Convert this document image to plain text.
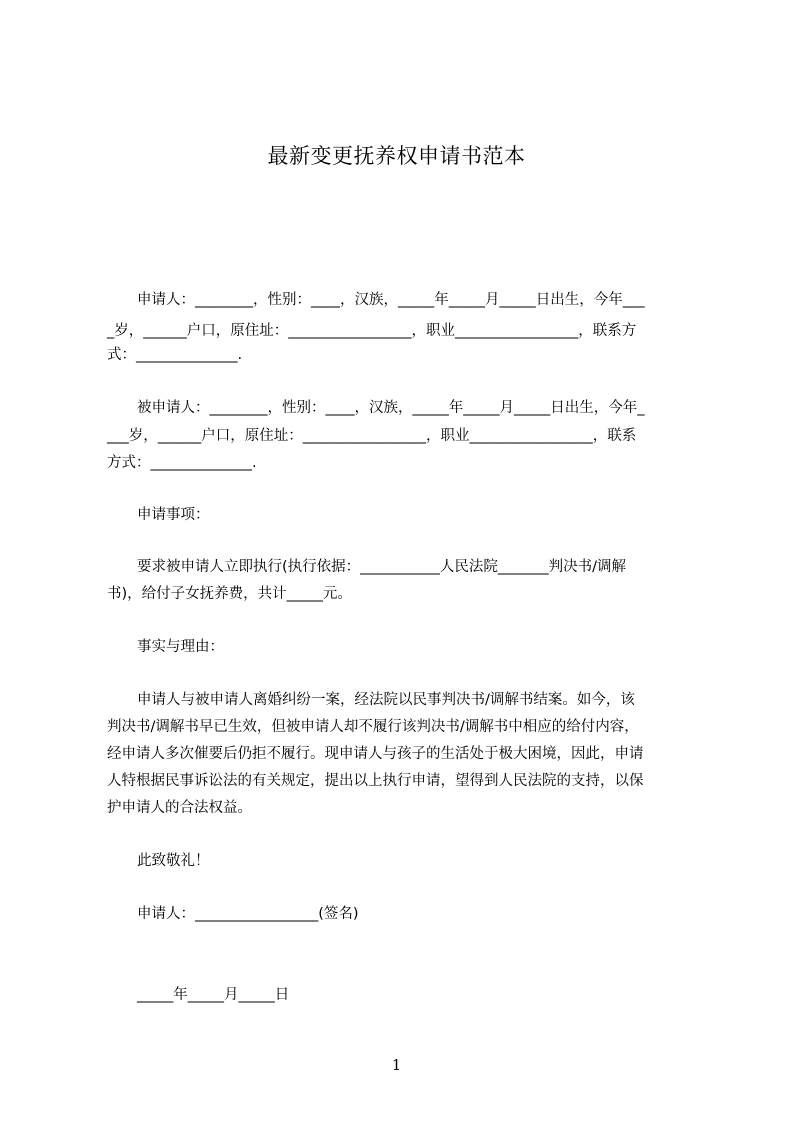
最新变更抚养权申请书范本
申请人：________，性别：____，汉族，_____年_____月_____日出生，今年___
_岁，______户口，原住址：_________________，职业_________________，联系方
式：______________.
被申请人：________，性别：____，汉族，_____年_____月_____日出生，今年_
___岁，______户口，原住址：_________________，职业_________________，联系
方式：______________.
申请事项：
要求被申请人立即执行(执行依据：___________人民法院_______判决书/调解
书)，给付子女抚养费，共计_____元。
事实与理由：
申请人与被申请人离婚纠纷一案，经法院以民事判决书/调解书结案。如今，该
判决书/调解书早已生效，但被申请人却不履行该判决书/调解书中相应的给付内容，
经申请人多次催要后仍拒不履行。现申请人与孩子的生活处于极大困境，因此，申请
人特根据民事诉讼法的有关规定，提出以上执行申请，望得到人民法院的支持，以保
护申请人的合法权益。
此致敬礼！
申请人：_________________(签名)
_____年_____月_____日
1
